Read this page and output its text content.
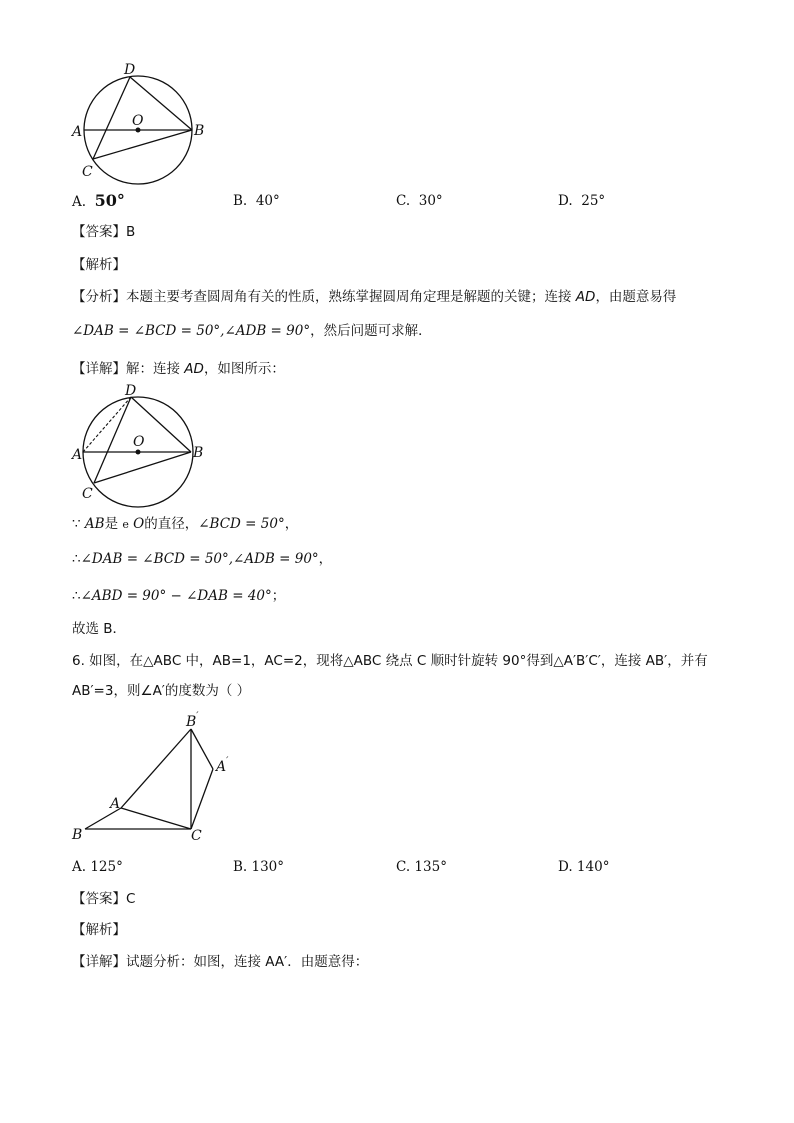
D
O
A	B
C
A. 50°	B. 40°	C. 30°	D. 25°
【答案】B
【解析】
【分析】本题主要考查圆周角有关的性质，熟练掌握圆周角定理是解题的关键；连接 AD，由题意易得
∠DAB = ∠BCD = 50°,∠ADB = 90°，然后问题可求解．
【详解】解：连接 AD，如图所示：
D
O
A	B
C
∵ AB是 e O的直径，∠BCD = 50°，
∴∠DAB = ∠BCD = 50°,∠ADB = 90°，
∴∠ABD = 90° − ∠DAB = 40°；
故选 B．
6. 如图，在△ABC 中，AB=1，AC=2，现将△ABC 绕点 C 顺时针旋转 90°得到△A′B′C′，连接 AB′，并有
AB′=3，则∠A′的度数为（ ）
B′
A′
A
B	C
A. 125°	B. 130°	C. 135°	D. 140°
【答案】C
【解析】
【详解】试题分析：如图，连接 AA′．由题意得：
